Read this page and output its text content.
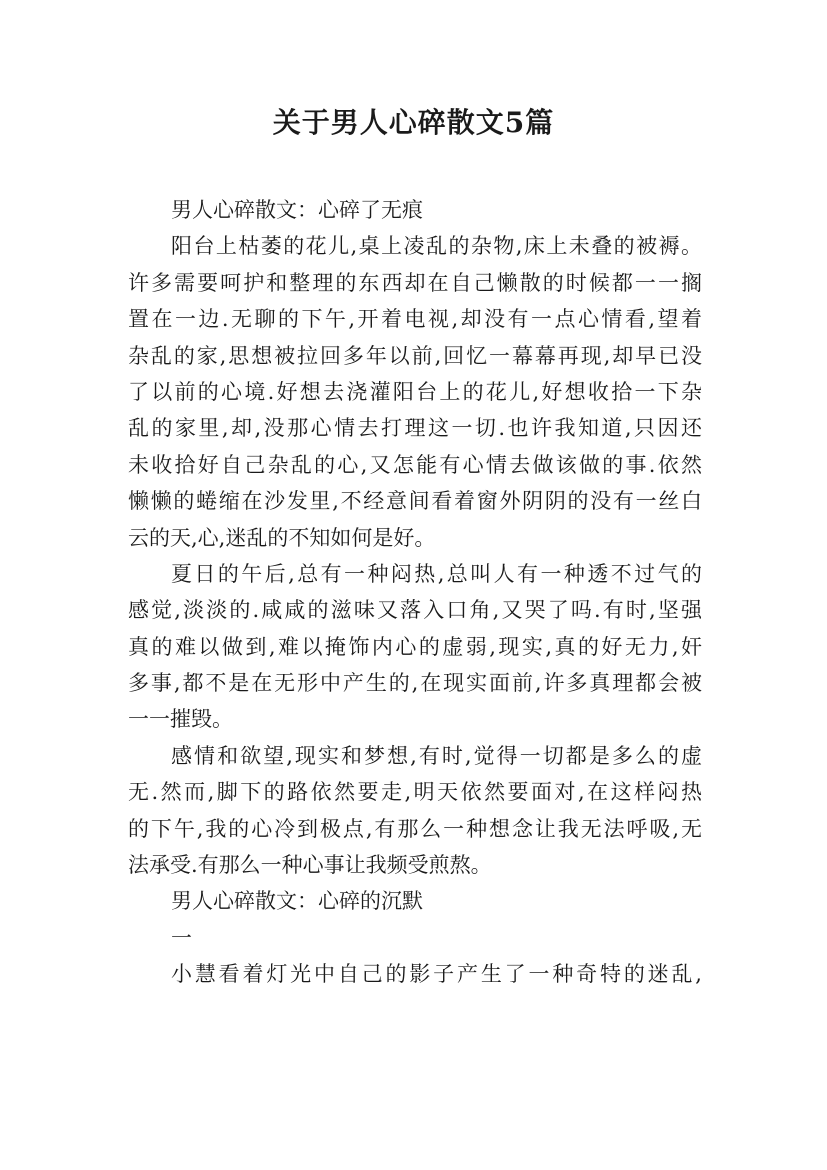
关于男人心碎散文5篇
男人心碎散文：心碎了无痕
阳台上枯萎的花儿,桌上凌乱的杂物,床上未叠的被褥。
许多需要呵护和整理的东西却在自己懒散的时候都一一搁
置在一边.无聊的下午,开着电视,却没有一点心情看,望着
杂乱的家,思想被拉回多年以前,回忆一幕幕再现,却早已没
了以前的心境.好想去浇灌阳台上的花儿,好想收拾一下杂
乱的家里,却,没那心情去打理这一切.也许我知道,只因还
未收拾好自己杂乱的心,又怎能有心情去做该做的事.依然
懒懒的蜷缩在沙发里,不经意间看着窗外阴阴的没有一丝白
云的天,心,迷乱的不知如何是好。
夏日的午后,总有一种闷热,总叫人有一种透不过气的
感觉,淡淡的.咸咸的滋味又落入口角,又哭了吗.有时,坚强
真的难以做到,难以掩饰内心的虚弱,现实,真的好无力,奸
多事,都不是在无形中产生的,在现实面前,许多真理都会被
一一摧毁。
感情和欲望,现实和梦想,有时,觉得一切都是多么的虚
无.然而,脚下的路依然要走,明天依然要面对,在这样闷热
的下午,我的心冷到极点,有那么一种想念让我无法呼吸,无
法承受.有那么一种心事让我频受煎熬。
男人心碎散文：心碎的沉默
一
小慧看着灯光中自己的影子产生了一种奇特的迷乱,
